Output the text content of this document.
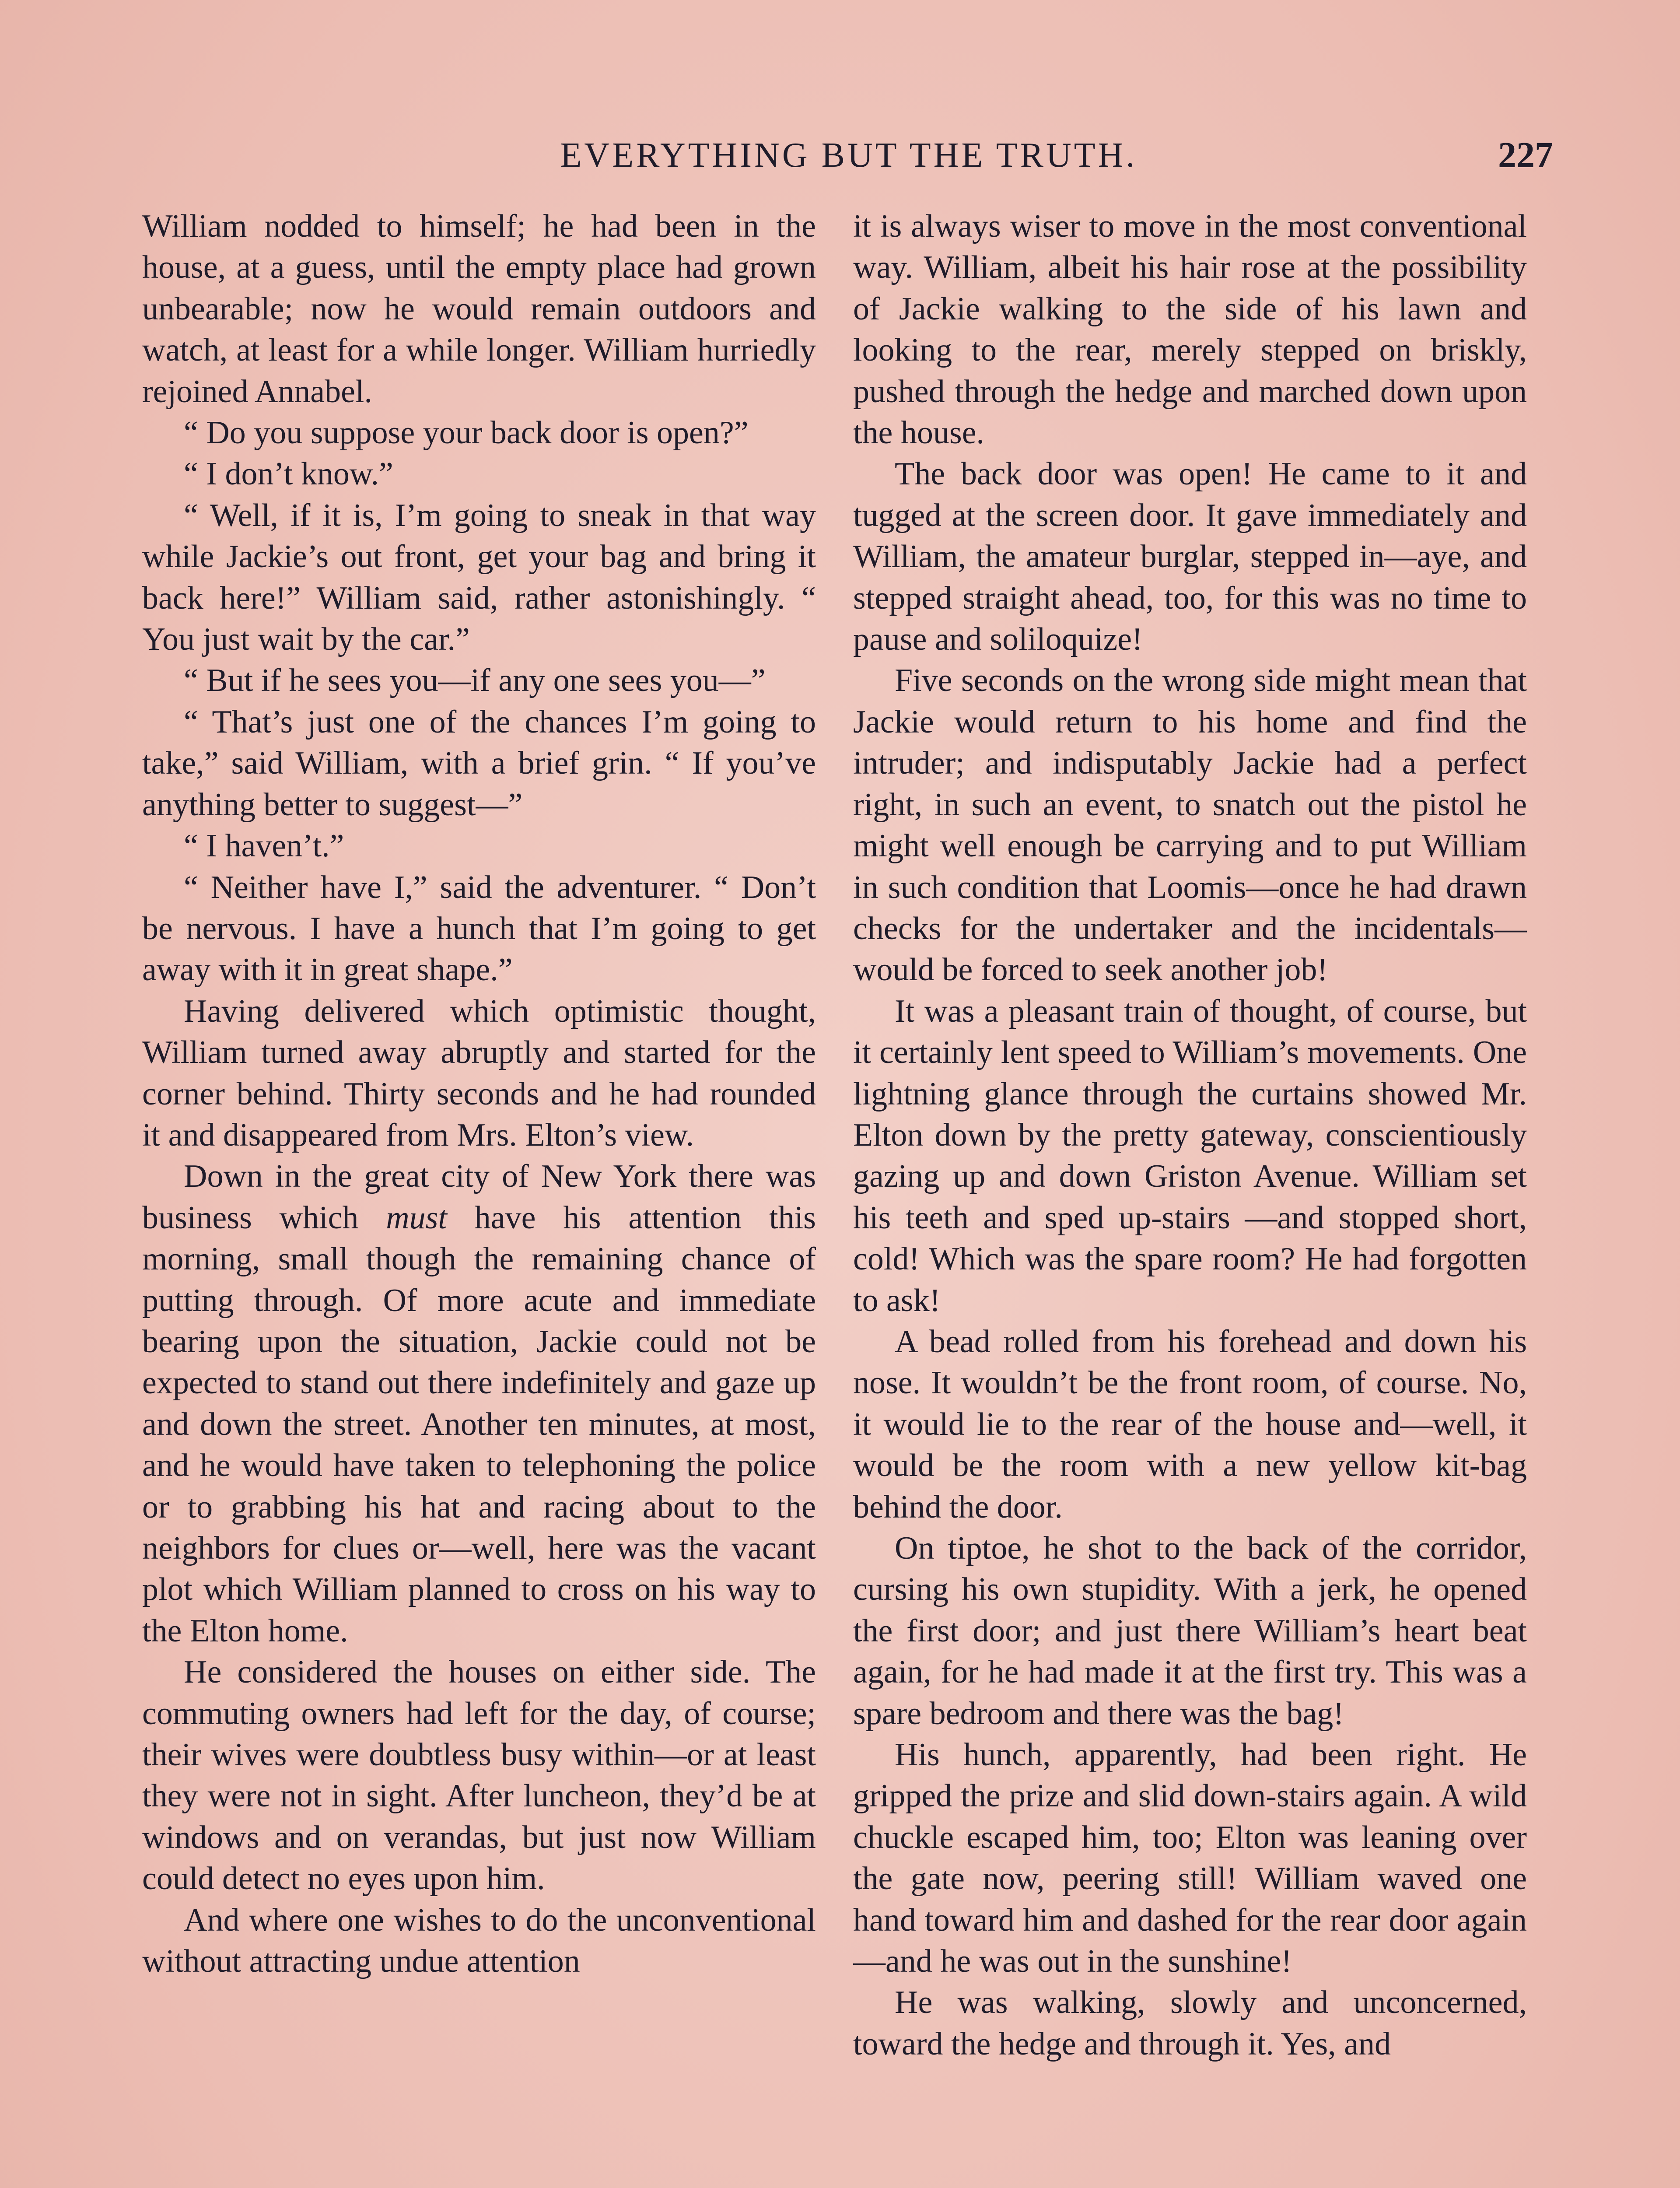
EVERYTHING BUT THE TRUTH.	227

William nodded to himself; he had been in the house, at a guess, until the empty place had grown unbearable; now he would remain outdoors and watch, at least for a while longer. William hurriedly rejoined Annabel.

“ Do you suppose your back door is open?”

“ I don’t know.”

“ Well, if it is, I’m going to sneak in that way while Jackie’s out front, get your bag and bring it back here!” William said, rather astonishingly. “ You just wait by the car.”

“ But if he sees you—if any one sees you—”

“ That’s just one of the chances I’m going to take,” said William, with a brief grin. “ If you’ve anything better to suggest—”

“ I haven’t.”

“ Neither have I,” said the adventurer. “ Don’t be nervous. I have a hunch that I’m going to get away with it in great shape.”

Having delivered which optimistic thought, William turned away abruptly and started for the corner behind. Thirty seconds and he had rounded it and disappeared from Mrs. Elton’s view.

Down in the great city of New York there was business which must have his attention this morning, small though the remaining chance of putting through. Of more acute and immediate bearing upon the situation, Jackie could not be expected to stand out there indefinitely and gaze up and down the street. Another ten minutes, at most, and he would have taken to telephoning the police or to grabbing his hat and racing about to the neighbors for clues or—well, here was the vacant plot which William planned to cross on his way to the Elton home.

He considered the houses on either side. The commuting owners had left for the day, of course; their wives were doubtless busy within—or at least they were not in sight. After luncheon, they’d be at windows and on verandas, but just now William could detect no eyes upon him.

And where one wishes to do the unconventional without attracting undue attention

it is always wiser to move in the most conventional way. William, albeit his hair rose at the possibility of Jackie walking to the side of his lawn and looking to the rear, merely stepped on briskly, pushed through the hedge and marched down upon the house.

The back door was open! He came to it and tugged at the screen door. It gave immediately and William, the amateur burglar, stepped in—aye, and stepped straight ahead, too, for this was no time to pause and soliloquize!

Five seconds on the wrong side might mean that Jackie would return to his home and find the intruder; and indisputably Jackie had a perfect right, in such an event, to snatch out the pistol he might well enough be carrying and to put William in such condition that Loomis—once he had drawn checks for the undertaker and the incidentals—would be forced to seek another job!

It was a pleasant train of thought, of course, but it certainly lent speed to William’s movements. One lightning glance through the curtains showed Mr. Elton down by the pretty gateway, conscientiously gazing up and down Griston Avenue. William set his teeth and sped up-stairs —and stopped short, cold! Which was the spare room? He had forgotten to ask!

A bead rolled from his forehead and down his nose. It wouldn’t be the front room, of course. No, it would lie to the rear of the house and—well, it would be the room with a new yellow kit-bag behind the door.

On tiptoe, he shot to the back of the corridor, cursing his own stupidity. With a jerk, he opened the first door; and just there William’s heart beat again, for he had made it at the first try. This was a spare bedroom and there was the bag!

His hunch, apparently, had been right. He gripped the prize and slid down-stairs again. A wild chuckle escaped him, too; Elton was leaning over the gate now, peering still! William waved one hand toward him and dashed for the rear door again—and he was out in the sunshine!

He was walking, slowly and unconcerned, toward the hedge and through it. Yes, and
